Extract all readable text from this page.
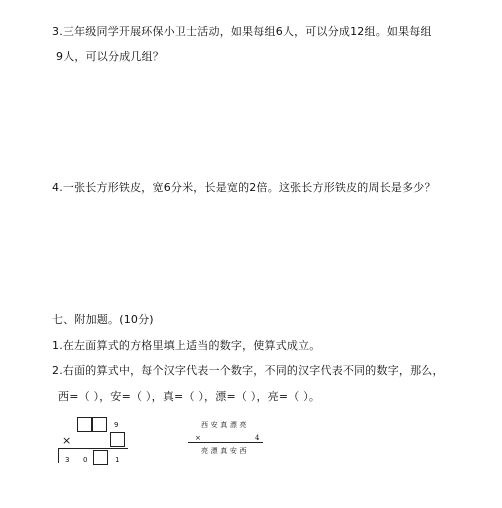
3.三年级同学开展环保小卫士活动，如果每组6人，可以分成12组。如果每组
9人，可以分成几组？
4.一张长方形铁皮，宽6分米，长是宽的2倍。这张长方形铁皮的周长是多少？
七、附加题。(10分)
1.在左面算式的方格里填上适当的数字，使算式成立。
2.右面的算式中，每个汉字代表一个数字，不同的汉字代表不同的数字，那么，
西=（ ），安=（ ），真=（ ），漂=（ ），亮=（ ）。
9
×
3 0	1
西 安 真 漂 亮
×	4
亮 漂 真 安 西
